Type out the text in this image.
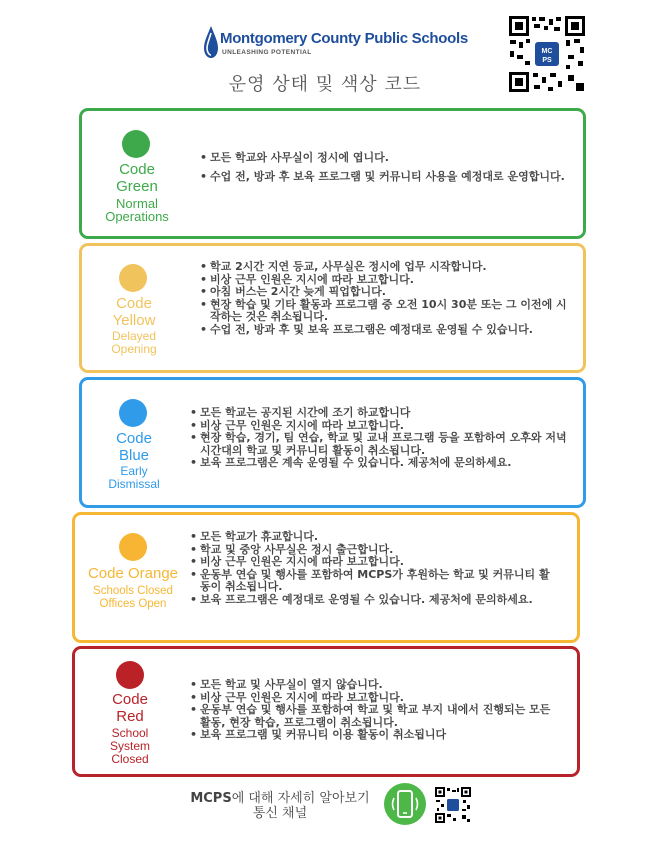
Montgomery County Public Schools
UNLEASHING POTENTIAL
운영 상태 및 색상 코드
MC
PS
Code
Green
Normal
Operations
• 모든 학교와 사무실이 정시에 엽니다.
• 수업 전, 방과 후 보육 프로그램 및 커뮤니티 사용을 예정대로 운영합니다.
Code
Yellow
Delayed
Opening
• 학교 2시간 지연 등교, 사무실은 정시에 업무 시작합니다.
• 비상 근무 인원은 지시에 따라 보고합니다.
• 아침 버스는 2시간 늦게 픽업합니다.
• 현장 학습 및 기타 활동과 프로그램 중 오전 10시 30분 또는 그 이전에 시작하는 것은 취소됩니다.
• 수업 전, 방과 후 및 보육 프로그램은 예정대로 운영될 수 있습니다.
Code
Blue
Early
Dismissal
• 모든 학교는 공지된 시간에 조기 하교합니다
• 비상 근무 인원은 지시에 따라 보고합니다.
• 현장 학습, 경기, 팀 연습, 학교 및 교내 프로그램 등을 포함하여 오후와 저녁 시간대의 학교 및 커뮤니티 활동이 취소됩니다.
• 보육 프로그램은 계속 운영될 수 있습니다. 제공처에 문의하세요.
Code Orange
Schools Closed
Offices Open
• 모든 학교가 휴교합니다.
• 학교 및 중앙 사무실은 정시 출근합니다.
• 비상 근무 인원은 지시에 따라 보고합니다.
• 운동부 연습 및 행사를 포함하여 MCPS가 후원하는 학교 및 커뮤니티 활동이 취소됩니다.
• 보육 프로그램은 예정대로 운영될 수 있습니다. 제공처에 문의하세요.
Code
Red
School
System
Closed
• 모든 학교 및 사무실이 열지 않습니다.
• 비상 근무 인원은 지시에 따라 보고합니다.
• 운동부 연습 및 행사를 포함하여 학교 및 학교 부지 내에서 진행되는 모든 활동, 현장 학습, 프로그램이 취소됩니다.
• 보육 프로그램 및 커뮤니티 이용 활동이 취소됩니다
MCPS에 대해 자세히 알아보기
통신 채널
